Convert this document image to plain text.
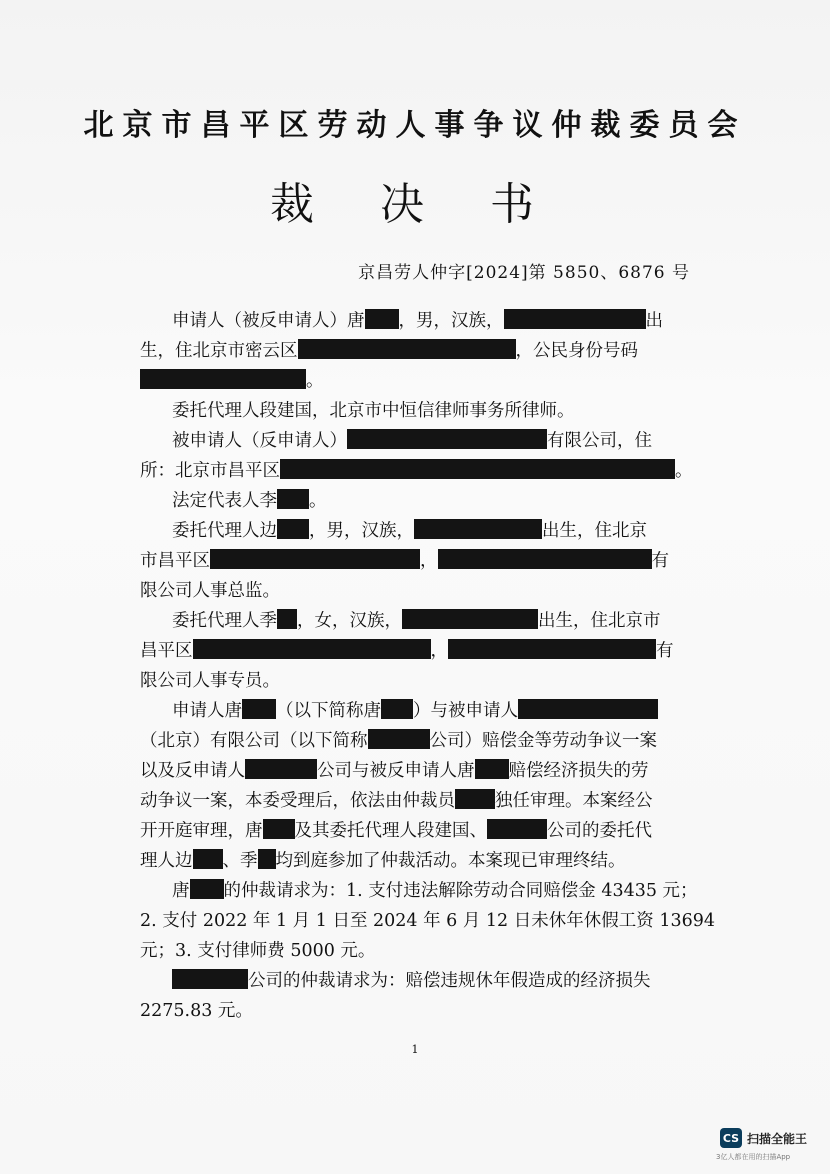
北京市昌平区劳动人事争议仲裁委员会
裁 决 书
京昌劳人仲字[2024]第 5850、6876 号
申请人（被反申请人）唐 ，男，汉族，	出
生，住北京市密云区	，公民身份号码
。
委托代理人段建国，北京市中恒信律师事务所律师。
被申请人（反申请人）	有限公司，住
所：北京市昌平区	。
法定代表人李 。
委托代理人边 ，男，汉族，	出生，住北京
市昌平区	，	有
限公司人事总监。
委托代理人季 ，女，汉族，	出生，住北京市
昌平区	，	有
限公司人事专员。
申请人唐 （以下简称唐 ）与被申请人
（北京）有限公司（以下简称	公司）赔偿金等劳动争议一案
以及反申请人	公司与被反申请人唐 赔偿经济损失的劳
动争议一案，本委受理后，依法由仲裁员 独任审理。本案经公
开开庭审理，唐 及其委托代理人段建国、	公司的委托代
理人边 、季 均到庭参加了仲裁活动。本案现已审理终结。
唐 的仲裁请求为：1. 支付违法解除劳动合同赔偿金 43435 元；
2. 支付 2022 年 1 月 1 日至 2024 年 6 月 12 日未休年休假工资 13694
元；3. 支付律师费 5000 元。
公司的仲裁请求为：赔偿违规休年假造成的经济损失
2275.83 元。
1
CS 扫描全能王
3亿人都在用的扫描App
